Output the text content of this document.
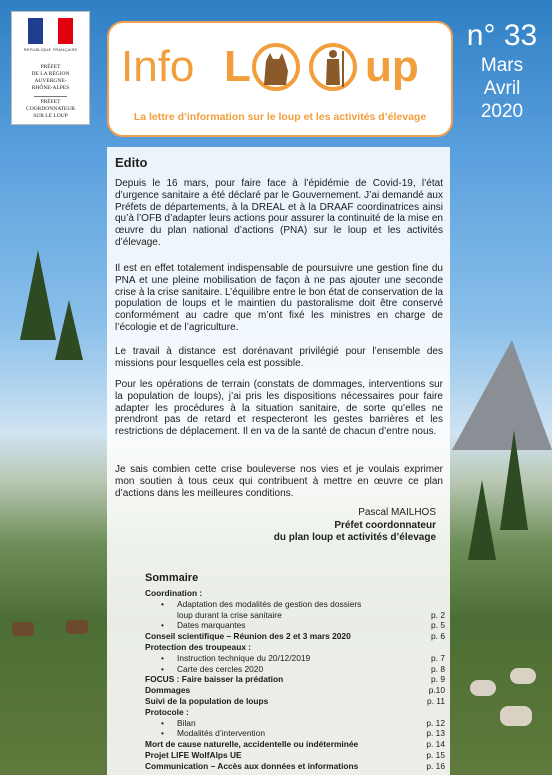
RÉPUBLIQUE FRANÇAISE
PRÉFET
DE LA RÉGION
AUVERGNE-
RHÔNE-ALPES
PRÉFET
COORDONNATEUR
SUR LE LOUP
Info L	up
La lettre d’information sur le loup et les activités d’élevage
n° 33
Mars
Avril
2020
Edito

Depuis le 16 mars, pour faire face à l’épidémie de Covid-19, l’état d’urgence sanitaire a été déclaré par le Gouvernement. J’ai demandé aux Préfets de départements, à la DREAL et à la DRAAF coordinatrices ainsi qu’à l’OFB d’adapter leurs actions pour assurer la continuité de la mise en œuvre du plan national d’actions (PNA) sur le loup et les activités d’élevage.

Il est en effet totalement indispensable de poursuivre une gestion fine du PNA et une pleine mobilisation de façon à ne pas ajouter une seconde crise à la crise sanitaire. L’équilibre entre le bon état de conservation de la population de loups et le maintien du pastoralisme doit être conservé conformément au cadre que m’ont fixé les ministres en charge de l’écologie et de l’agriculture.

Le travail à distance est dorénavant privilégié pour l’ensemble des missions pour lesquelles cela est possible.

Pour les opérations de terrain (constats de dommages, interventions sur la population de loups), j’ai pris les dispositions nécessaires pour faire adapter les procédures à la situation sanitaire, de sorte qu’elles ne prendront pas de retard et respecteront les gestes barrières et les restrictions de déplacement. Il en va de la santé de chacun d’entre nous.

Je sais combien cette crise bouleverse nos vies et je voulais exprimer mon soutien à tous ceux qui contribuent à mettre en œuvre ce plan d’actions dans les meilleures conditions.

Pascal MAILHOS
Préfet coordonnateur
du plan loup et activités d’élevage
Sommaire
Coordination :
• Adaptation des modalités de gestion des dossiers
loup durant la crise sanitaire	p. 2
• Dates marquantes	p. 5
Conseil scientifique – Réunion des 2 et 3 mars 2020	p. 6
Protection des troupeaux :
• Instruction technique du 20/12/2019	p. 7
• Carte des cercles 2020	p. 8
FOCUS : Faire baisser la prédation	p. 9
Dommages	p.10
Suivi de la population de loups	p. 11
Protocole :
• Bilan	p. 12
• Modalités d’intervention	p. 13
Mort de cause naturelle, accidentelle ou indéterminée	p. 14
Projet LIFE WolfAlps UE	p. 15
Communication – Accès aux données et informations	p. 16
